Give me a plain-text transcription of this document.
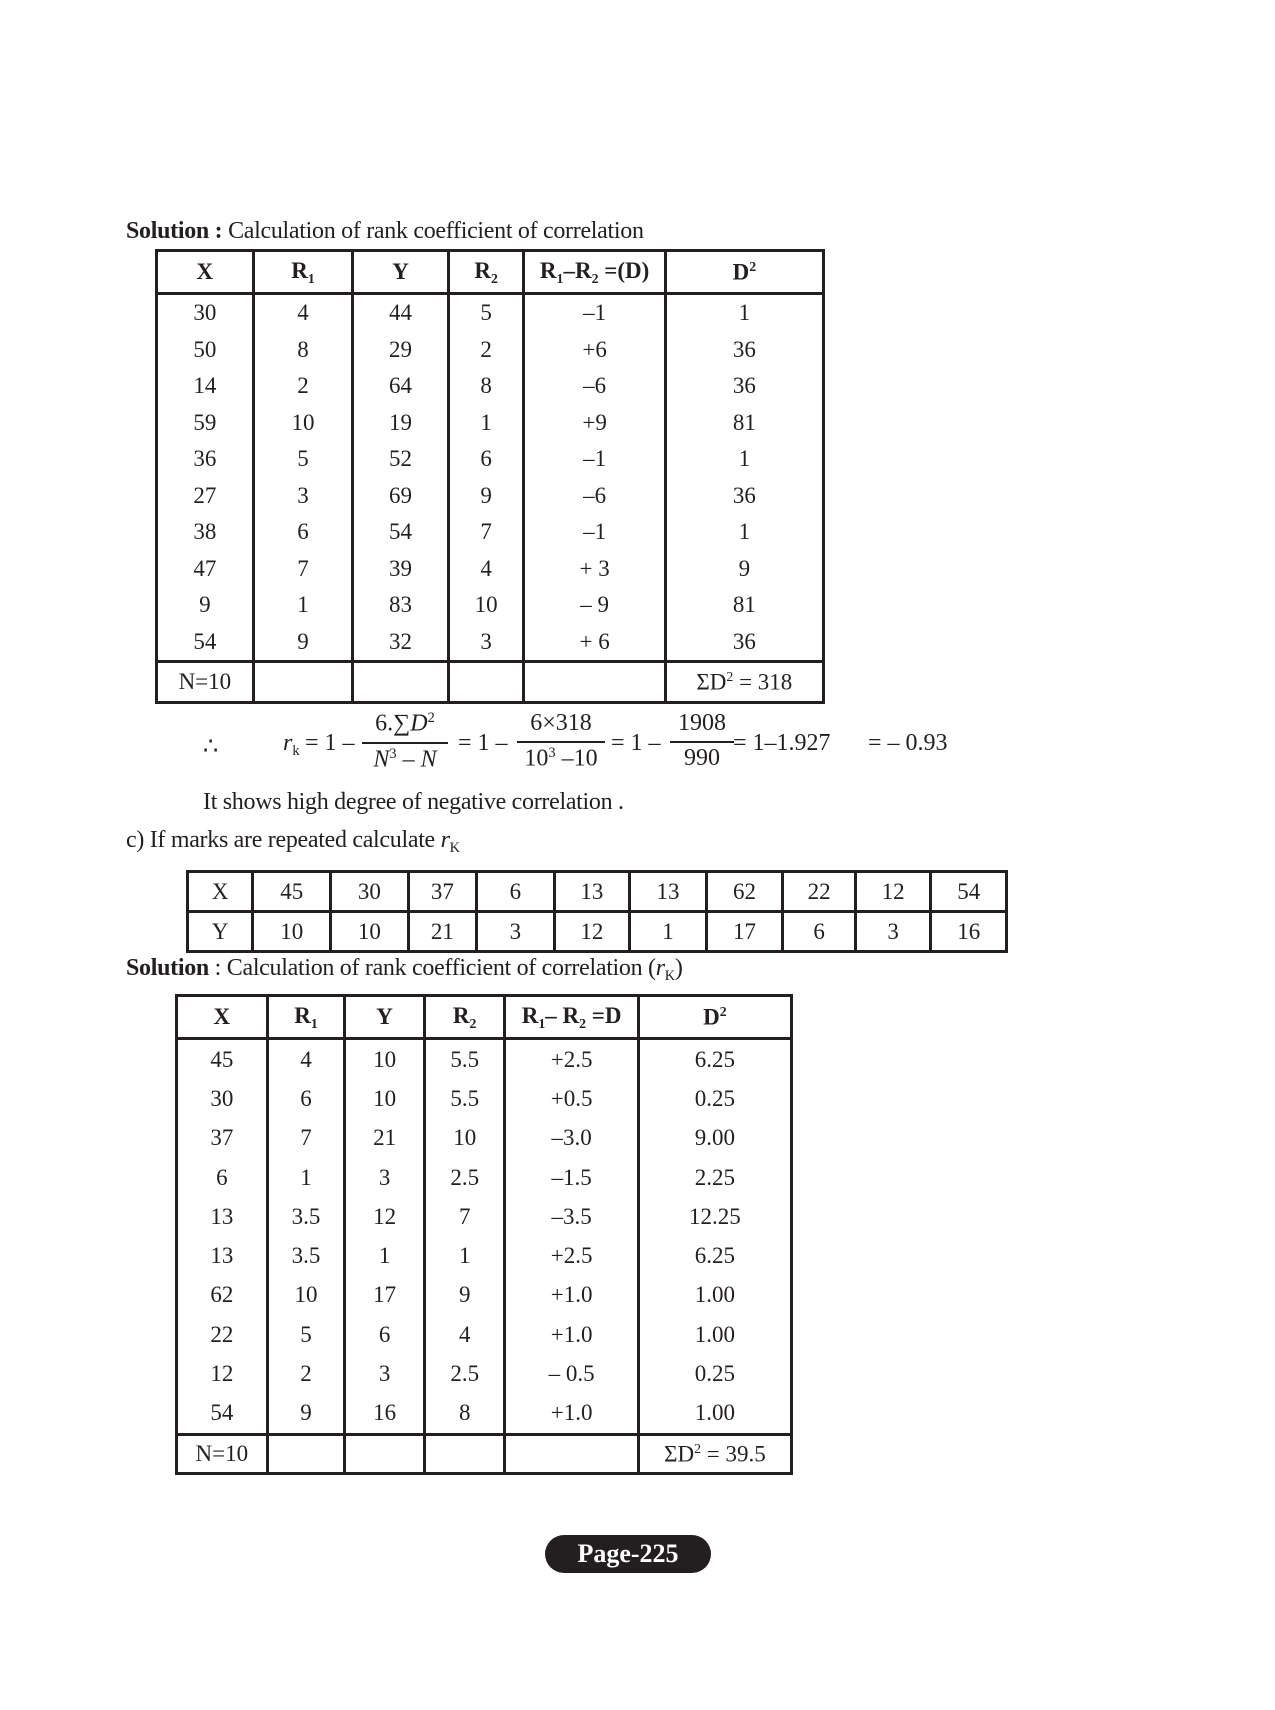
Solution : Calculation of rank coefficient of correlation
X	$R_1$	Y	$R_2$	$R_1-R_2 =(D)$	$D^2$
30	4	44	5	–1	1
50	8	29	2	+6	36
14	2	64	8	–6	36
59	10	19	1	+9	81
36	5	52	6	–1	1
27	3	69	9	–6	36
38	6	54	7	–1	1
47	7	39	4	+ 3	9
9	1	83	10	– 9	81
54	9	32	3	+ 6	36
N=10					$\Sigma D^2 = 318$
∴	$r_k = 1 - \frac{6.\sum D^2}{N^3 - N} = 1 - \frac{6\times 318}{10^3 -10} = 1 - \frac{1908}{990} = 1-1.927$ = – 0.93
It shows high degree of negative correlation .
c) If marks are repeated calculate $r_K$
X	45	30	37	6	13	13	62	22	12	54
Y	10	10	21	3	12	1	17	6	3	16
Solution : Calculation of rank coefficient of correlation $(r_K)$
X	$R_1$	Y	$R_2$	$R_1-$ $R_2 =D$	$D^2$
45	4	10	5.5	+2.5	6.25
30	6	10	5.5	+0.5	0.25
37	7	21	10	–3.0	9.00
6	1	3	2.5	–1.5	2.25
13	3.5	12	7	–3.5	12.25
13	3.5	1	1	+2.5	6.25
62	10	17	9	+1.0	1.00
22	5	6	4	+1.0	1.00
12	2	3	2.5	– 0.5	0.25
54	9	16	8	+1.0	1.00
N=10					$\Sigma D^2 = 39.5$
Page-225
